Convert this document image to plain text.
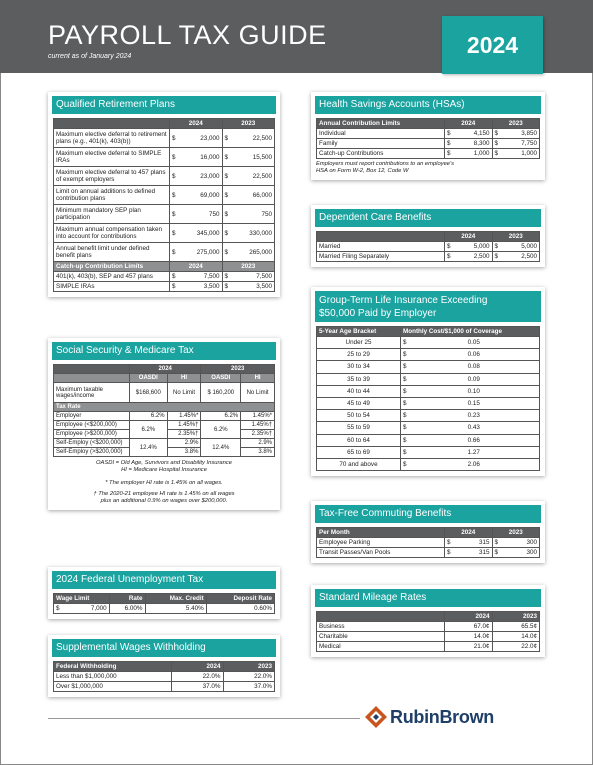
PAYROLL TAX GUIDE
current as of January 2024	2024
Qualified Retirement Plans
	2024		2023	
Maximum elective deferral to retirement plans (e.g., 401(k), 403(b))	$	23,000	$	22,500
Maximum elective deferral to SIMPLE IRAs	$	16,000	$	15,500
Maximum elective deferral to 457 plans of exempt employers	$	23,000	$	22,500
Limit on annual additions to defined contribution plans	$	69,000	$	66,000
Minimum mandatory SEP plan participation	$	750	$	750
Maximum annual compensation taken into account for contributions	$	345,000	$	330,000
Annual benefit limit under defined benefit plans	$	275,000	$	265,000
Catch-up Contribution Limits	2024		2023	
401(k), 403(b), SEP and 457 plans	$	7,500	$	7,500
SIMPLE IRAs	$	3,500	$	3,500
Social Security & Medicare Tax
	2024		2023	
	OASDI	HI	OASDI	HI
Maximum taxable wages/income	$168,600	No Limit	$ 160,200	No Limit
Tax Rate				
Employer	6.2%	1.45%*	6.2%	1.45%*
Employee (<$200,000)	6.2%	1.45%†	6.2%	1.45%†
Employee (>$200,000)		2.35%†		2.35%†
Self-Employ (<$200,000)	12.4%	2.9%	12.4%	2.9%
Self-Employ (>$200,000)		3.8%		3.8%
OASDI = Old Age, Survivors and Disability Insurance
HI = Medicare Hospital Insurance
* The employer HI rate is 1.45% on all wages.
† The 2020-21 employee HI rate is 1.45% on all wages
plus an additional 0.9% on wages over $200,000.
2024 Federal Unemployment Tax
Wage Limit		Rate	Max. Credit	Deposit Rate
$	7,000	6.00%	5.40%	0.60%
Supplemental Wages Withholding
Federal Withholding	2024	2023
Less than $1,000,000	22.0%	22.0%
Over $1,000,000	37.0%	37.0%
Health Savings Accounts (HSAs)
Annual Contribution Limits	2024		2023	
Individual	$	4,150	$	3,850
Family	$	8,300	$	7,750
Catch-up Contributions	$	1,000	$	1,000
Employers must report contributions to an employee's
HSA on Form W-2, Box 12, Code W
Dependent Care Benefits
	2024		2023	
Married	$	5,000	$	5,000
Married Filing Separately	$	2,500	$	2,500
Group-Term Life Insurance Exceeding
$50,000 Paid by Employer
5-Year Age Bracket	Monthly Cost/$1,000 of Coverage	
Under 25	$	0.05
25 to 29	$	0.06
30 to 34	$	0.08
35 to 39	$	0.09
40 to 44	$	0.10
45 to 49	$	0.15
50 to 54	$	0.23
55 to 59	$	0.43
60 to 64	$	0.66
65 to 69	$	1.27
70 and above	$	2.06
Tax-Free Commuting Benefits
Per Month	2024		2023	
Employee Parking	$	315	$	300
Transit Passes/Van Pools	$	315	$	300
Standard Mileage Rates
	2024	2023
Business	67.0¢	65.5¢
Charitable	14.0¢	14.0¢
Medical	21.0¢	22.0¢
RubinBrown
